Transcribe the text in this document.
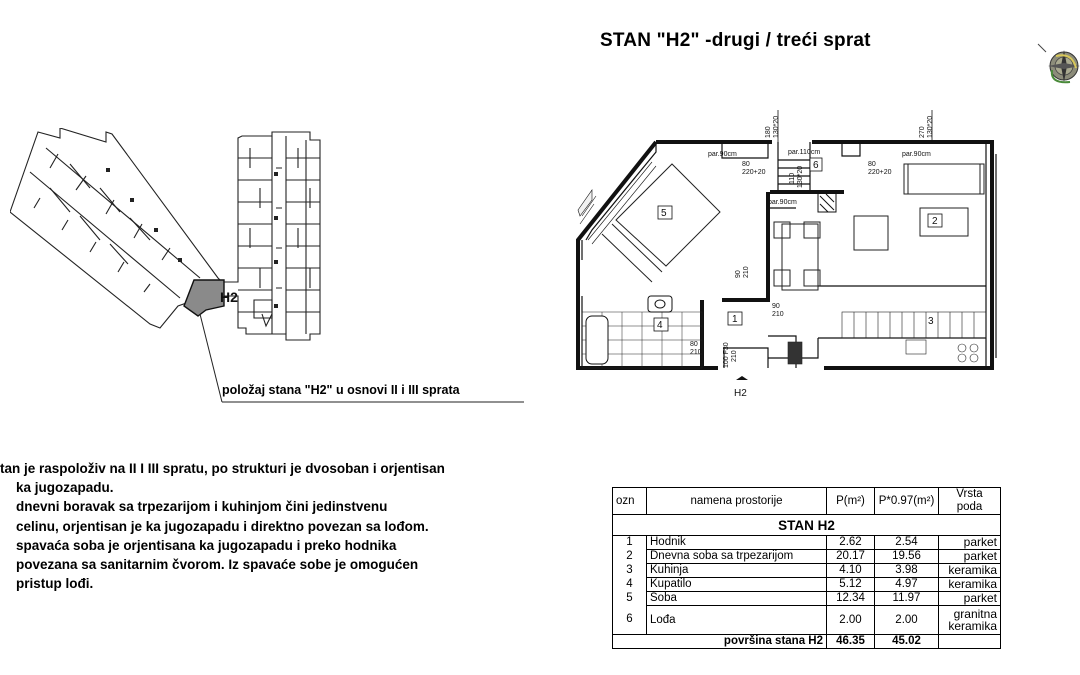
STAN "H2" -drugi / treći sprat
H2
položaj stana "H2" u osnovi II i III sprata
180 130*20	270 130*20
par.90cm	par.110cm	par.90cm
par.90cm
80
220+20
80
220+20
110 130*20
90 210
90
210
80
210	100 F30 210
5
1
2
3
4
6
H2

tan je raspoloživ na II I III spratu, po strukturi je dvosoban i orjentisan

ka jugozapadu.

dnevni boravak sa trpezarijom i kuhinjom čini jedinstvenu

celinu, orjentisan je ka jugozapadu i direktno povezan sa lođom.

spavaća soba je orjentisana ka jugozapadu i preko hodnika

povezana sa sanitarnim čvorom. Iz spavaće sobe je omogućen

pristup lođi.

ozn	namena prostorije	P(m²)	P*0.97(m²)	Vrsta poda
STAN H2				
1	Hodnik	2.62	2.54	parket
2	Dnevna soba sa trpezarijom	20.17	19.56	parket
3	Kuhinja	4.10	3.98	keramika
4	Kupatilo	5.12	4.97	keramika
5	Soba	12.34	11.97	parket
6	Lođa	2.00	2.00	granitna
keramika

površina stana H2		46.35	45.02	
